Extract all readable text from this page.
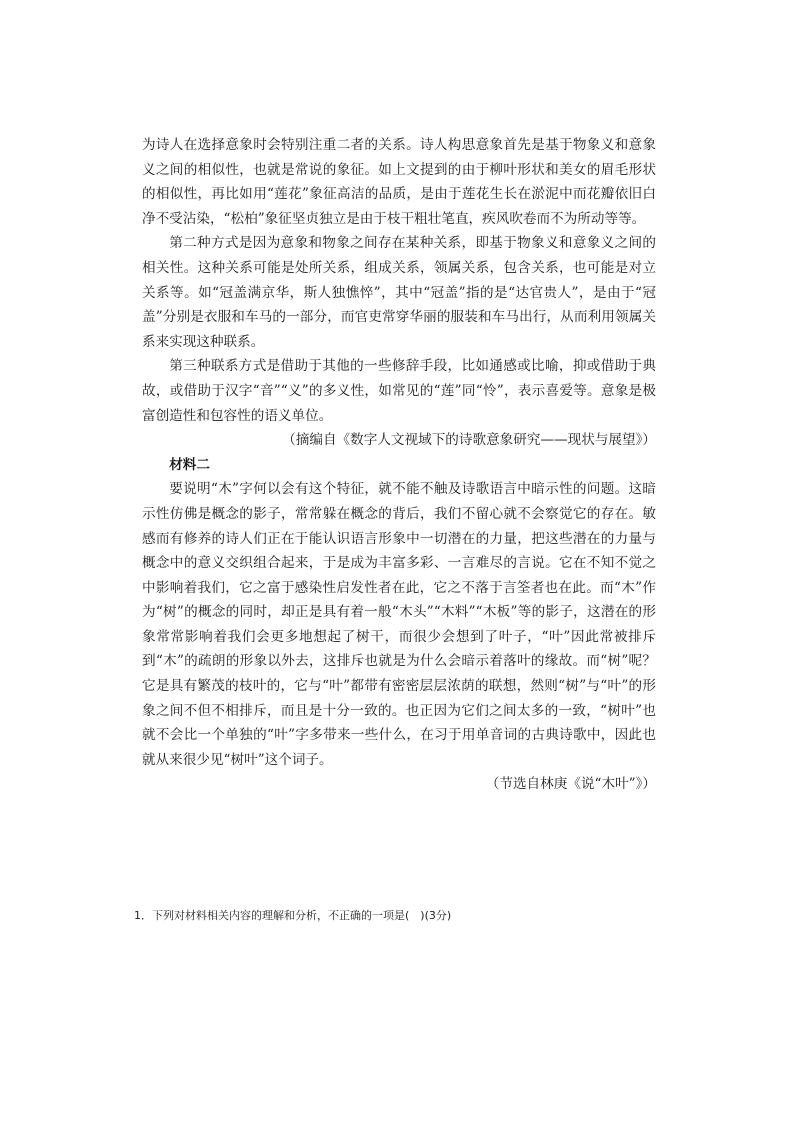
为诗人在选择意象时会特别注重二者的关系。诗人构思意象首先是基于物象义和意象义之间的相似性，也就是常说的象征。如上文提到的由于柳叶形状和美女的眉毛形状的相似性，再比如用“莲花”象征高洁的品质，是由于莲花生长在淤泥中而花瓣依旧白净不受沾染，“松柏”象征坚贞独立是由于枝干粗壮笔直，疾风吹卷而不为所动等等。

第二种方式是因为意象和物象之间存在某种关系，即基于物象义和意象义之间的相关性。这种关系可能是处所关系，组成关系，领属关系，包含关系，也可能是对立关系等。如“冠盖满京华，斯人独憔悴”，其中“冠盖”指的是“达官贵人”，是由于“冠盖”分别是衣服和车马的一部分，而官吏常穿华丽的服装和车马出行，从而利用领属关系来实现这种联系。

第三种联系方式是借助于其他的一些修辞手段，比如通感或比喻，抑或借助于典故，或借助于汉字“音”“义”的多义性，如常见的“莲”同“怜”，表示喜爱等。意象是极富创造性和包容性的语义单位。

（摘编自《数字人文视域下的诗歌意象研究——现状与展望》）

材料二

要说明“木”字何以会有这个特征，就不能不触及诗歌语言中暗示性的问题。这暗示性仿佛是概念的影子，常常躲在概念的背后，我们不留心就不会察觉它的存在。敏感而有修养的诗人们正在于能认识语言形象中一切潜在的力量，把这些潜在的力量与概念中的意义交织组合起来，于是成为丰富多彩、一言难尽的言说。它在不知不觉之中影响着我们，它之富于感染性启发性者在此，它之不落于言筌者也在此。而“木”作为“树”的概念的同时，却正是具有着一般“木头”“木料”“木板”等的影子，这潜在的形象常常影响着我们会更多地想起了树干，而很少会想到了叶子，“叶”因此常被排斥到“木”的疏朗的形象以外去，这排斥也就是为什么会暗示着落叶的缘故。而“树”呢？它是具有繁茂的枝叶的，它与“叶”都带有密密层层浓荫的联想，然则“树”与“叶”的形象之间不但不相排斥，而且是十分一致的。也正因为它们之间太多的一致，“树叶”也就不会比一个单独的“叶”字多带来一些什么，在习于用单音词的古典诗歌中，因此也就从来很少见“树叶”这个词子。

（节选自林庚《说“木叶”》）

1．下列对材料相关内容的理解和分析，不正确的一项是(　)(3分)
